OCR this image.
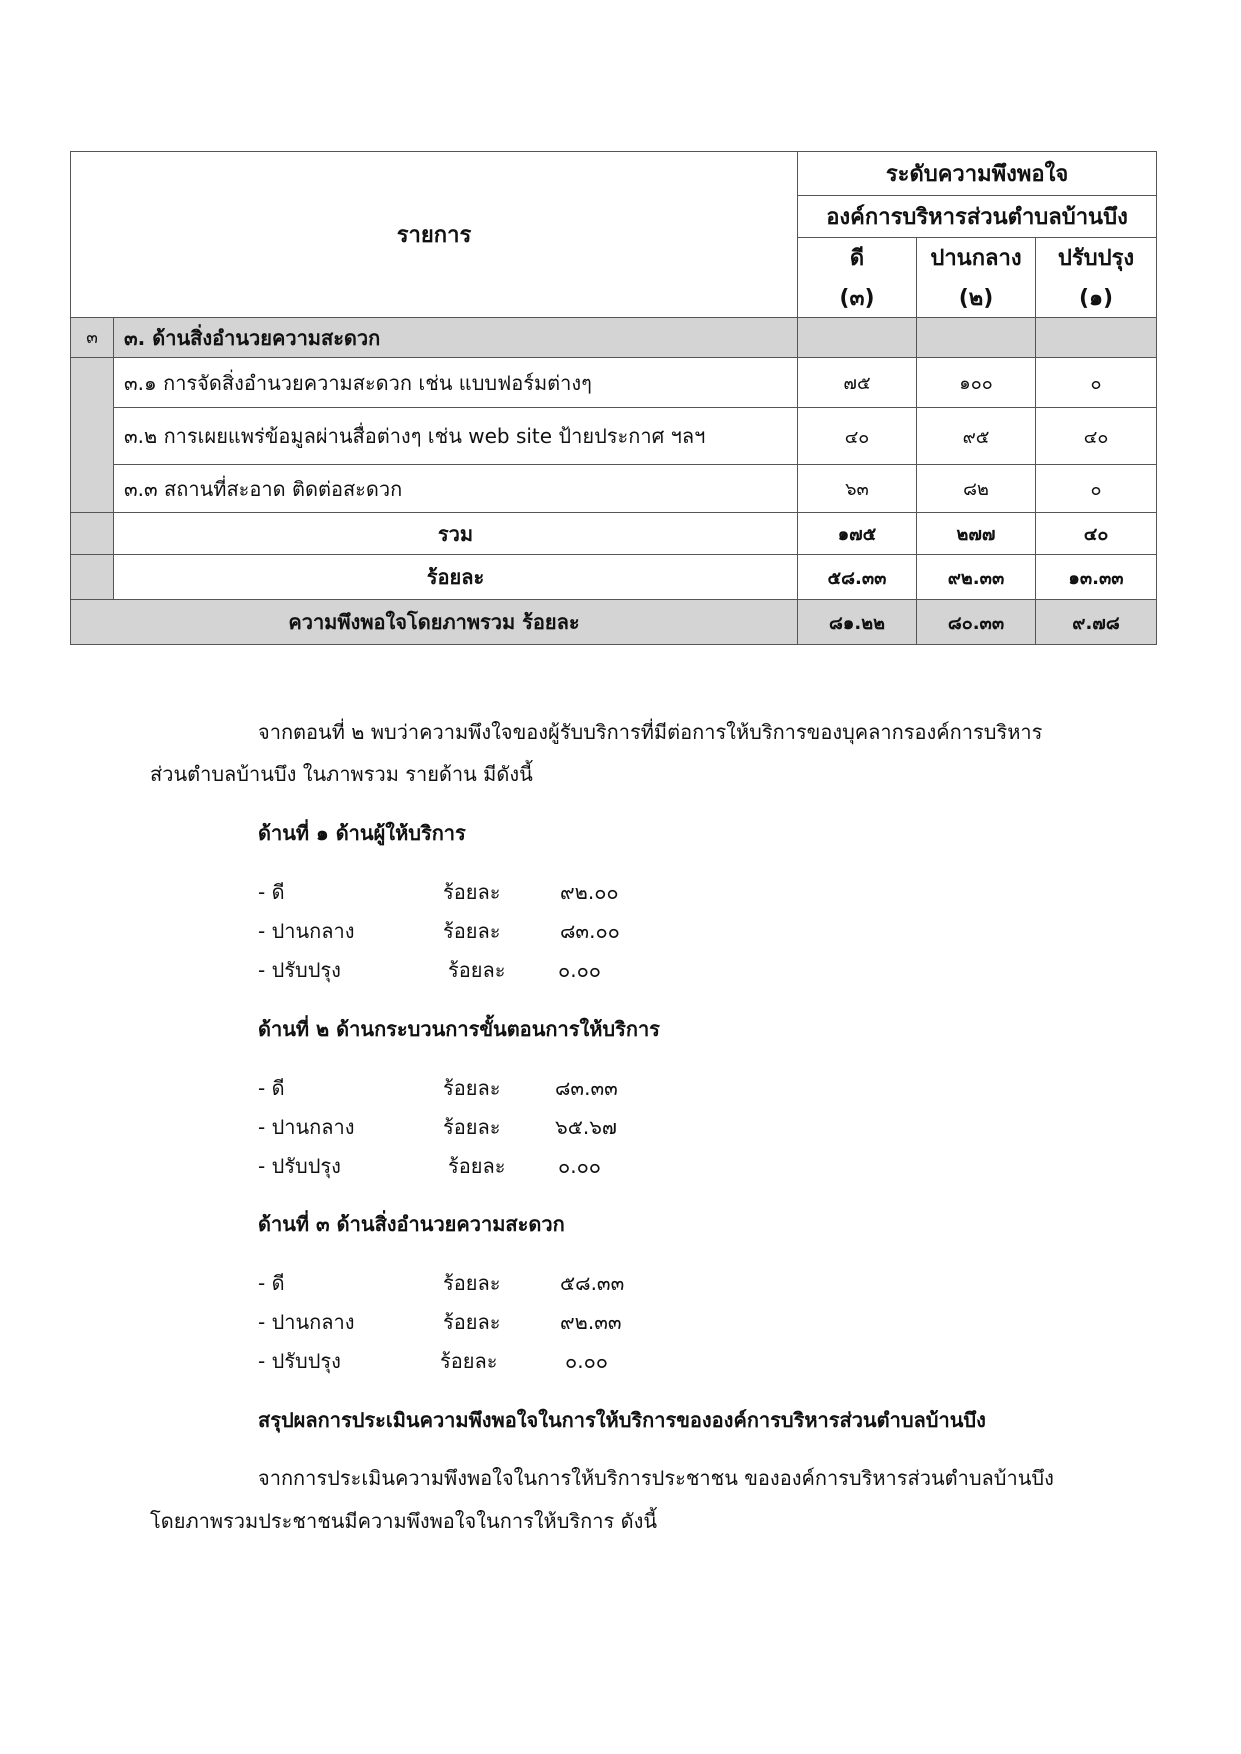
รายการ		ระดับความพึงพอใจ		
		องค์การบริหารส่วนตำบลบ้านบึง		
		ดี	ปานกลาง	ปรับปรุง
		(๓)	(๒)	(๑)
๓	๓. ด้านสิ่งอำนวยความสะดวก			
	๓.๑ การจัดสิ่งอำนวยความสะดวก เช่น แบบฟอร์มต่างๆ	๗๕	๑๐๐	๐
	๓.๒ การเผยแพร่ข้อมูลผ่านสื่อต่างๆ เช่น web site ป้ายประกาศ ฯลฯ	๔๐	๙๕	๔๐
	๓.๓ สถานที่สะอาด ติดต่อสะดวก	๖๓	๘๒	๐
	รวม	๑๗๕	๒๗๗	๔๐
	ร้อยละ	๕๘.๓๓	๙๒.๓๓	๑๓.๓๓
ความพึงพอใจโดยภาพรวม ร้อยละ		๘๑.๒๒	๘๐.๓๓	๙.๗๘
จากตอนที่ ๒ พบว่าความพึงใจของผู้รับบริการที่มีต่อการให้บริการของบุคลากรองค์การบริหาร
ส่วนตำบลบ้านบึง ในภาพรวม รายด้าน มีดังนี้
ด้านที่ ๑ ด้านผู้ให้บริการ
- ดี	ร้อยละ	๙๒.๐๐
- ปานกลาง	ร้อยละ	๘๓.๐๐
- ปรับปรุง	ร้อยละ	๐.๐๐
ด้านที่ ๒ ด้านกระบวนการขั้นตอนการให้บริการ
- ดี	ร้อยละ	๘๓.๓๓
- ปานกลาง	ร้อยละ	๖๕.๖๗
- ปรับปรุง	ร้อยละ	๐.๐๐
ด้านที่ ๓ ด้านสิ่งอำนวยความสะดวก
- ดี	ร้อยละ	๕๘.๓๓
- ปานกลาง	ร้อยละ	๙๒.๓๓
- ปรับปรุง	ร้อยละ	๐.๐๐
สรุปผลการประเมินความพึงพอใจในการให้บริการขององค์การบริหารส่วนตำบลบ้านบึง
จากการประเมินความพึงพอใจในการให้บริการประชาชน ขององค์การบริหารส่วนตำบลบ้านบึง
โดยภาพรวมประชาชนมีความพึงพอใจในการให้บริการ ดังนี้
